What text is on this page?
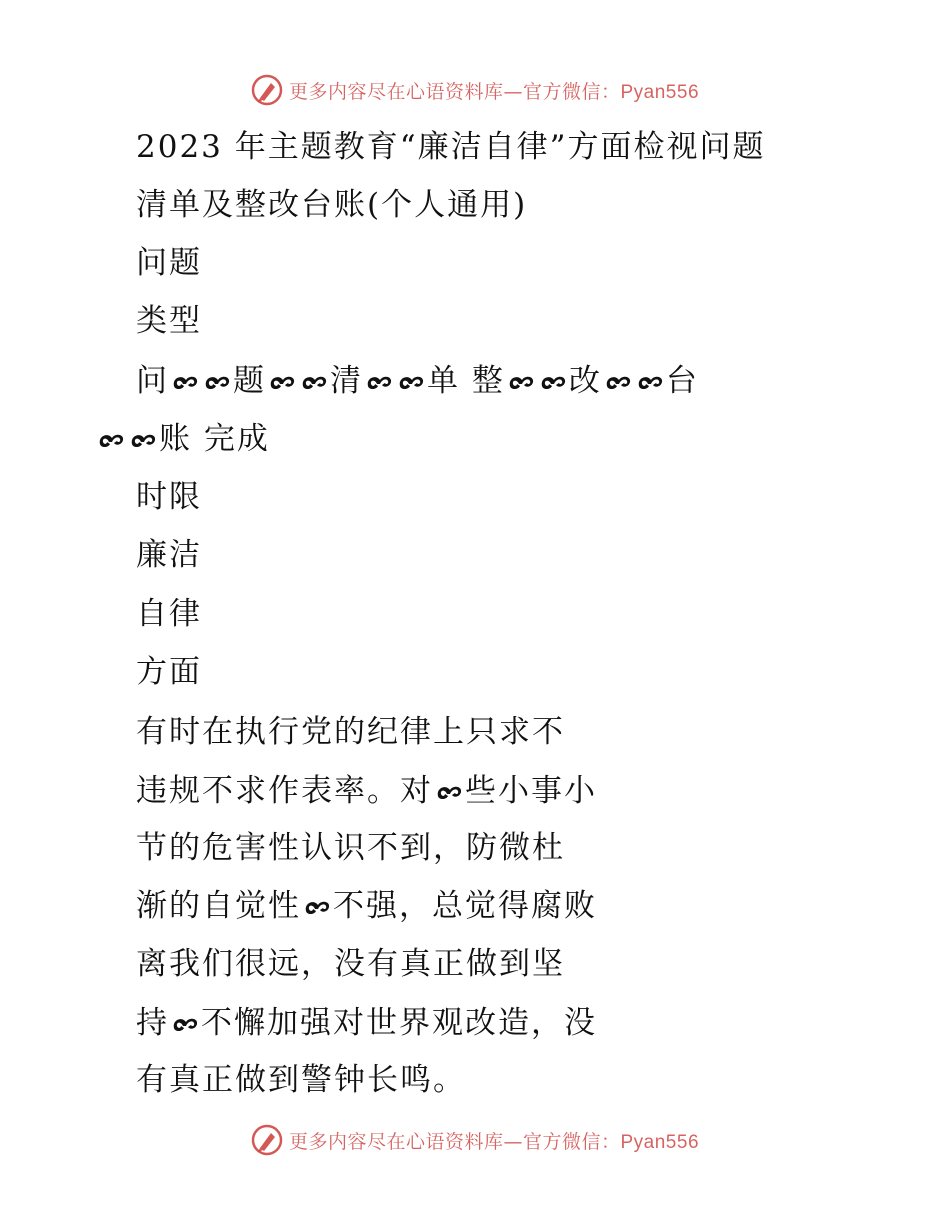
更多内容尽在心语资料库—官方微信：Pyan556
2023 年主题教育“廉洁自律”方面检视问题
清单及整改台账(个人通用)
问题
类型
问 题 清 单 整 改 台
账 完成
时限
廉洁
自律
方面
有时在执行党的纪律上只求不
违规不求作表率。对 些小事小
节的危害性认识不到，防微杜
渐的自觉性 不强，总觉得腐败
离我们很远，没有真正做到坚
持 不懈加强对世界观改造，没
有真正做到警钟长鸣。
更多内容尽在心语资料库—官方微信：Pyan556
